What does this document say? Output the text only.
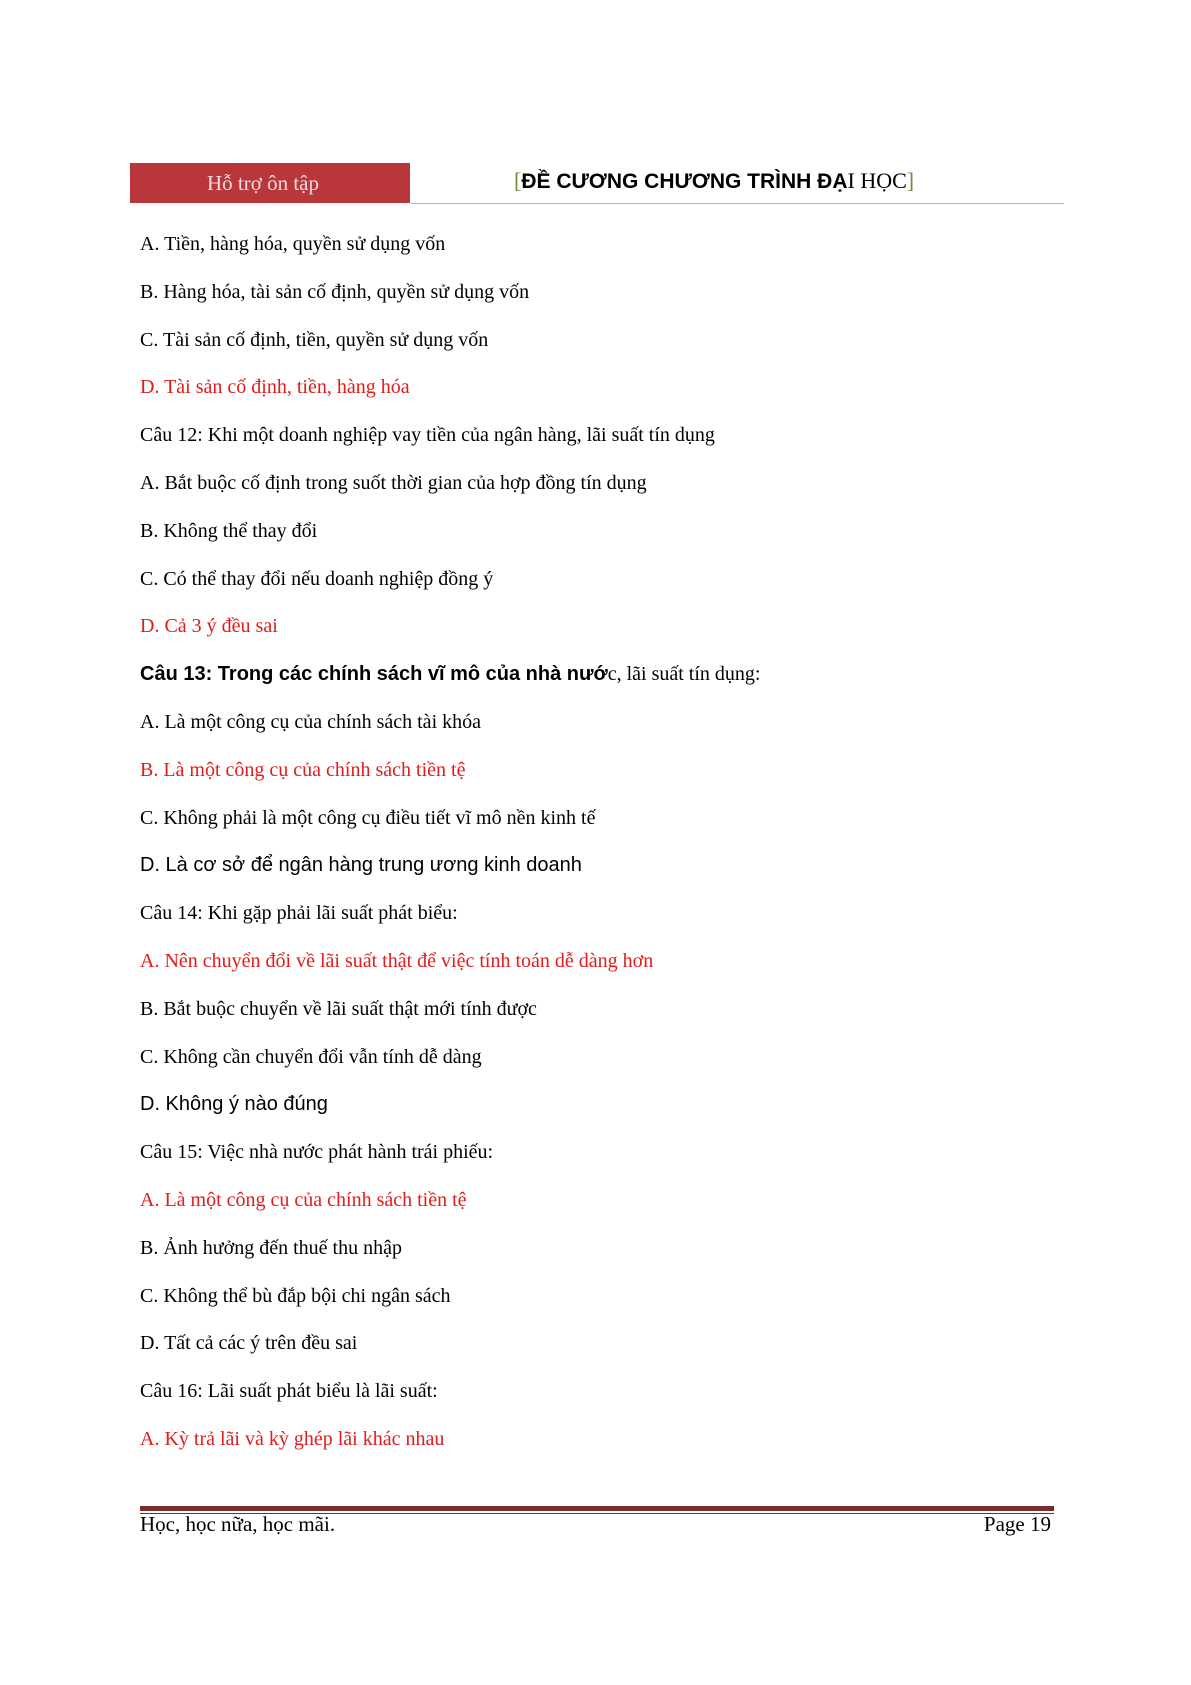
Hỗ trợ ôn tập	[ĐỀ CƯƠNG CHƯƠNG TRÌNH ĐẠI HỌC]
A. Tiền, hàng hóa, quyền sử dụng vốn
B. Hàng hóa, tài sản cố định, quyền sử dụng vốn
C. Tài sản cố định, tiền, quyền sử dụng vốn
D. Tài sản cố định, tiền, hàng hóa
Câu 12: Khi một doanh nghiệp vay tiền của ngân hàng, lãi suất tín dụng
A. Bắt buộc cố định trong suốt thời gian của hợp đồng tín dụng
B. Không thể thay đổi
C. Có thể thay đổi nếu doanh nghiệp đồng ý
D. Cả 3 ý đều sai
Câu 13: Trong các chính sách vĩ mô của nhà nước, lãi suất tín dụng:
A. Là một công cụ của chính sách tài khóa
B. Là một công cụ của chính sách tiền tệ
C. Không phải là một công cụ điều tiết vĩ mô nền kinh tế
D. Là cơ sở để ngân hàng trung ương kinh doanh
Câu 14: Khi gặp phải lãi suất phát biểu:
A. Nên chuyển đổi về lãi suất thật để việc tính toán dễ dàng hơn
B. Bắt buộc chuyển về lãi suất thật mới tính được
C. Không cần chuyển đổi vẫn tính dễ dàng
D. Không ý nào đúng
Câu 15: Việc nhà nước phát hành trái phiếu:
A. Là một công cụ của chính sách tiền tệ
B. Ảnh hưởng đến thuế thu nhập
C. Không thể bù đắp bội chi ngân sách
D. Tất cả các ý trên đều sai
Câu 16: Lãi suất phát biểu là lãi suất:
A. Kỳ trả lãi và kỳ ghép lãi khác nhau
Học, học nữa, học mãi.	Page 19
